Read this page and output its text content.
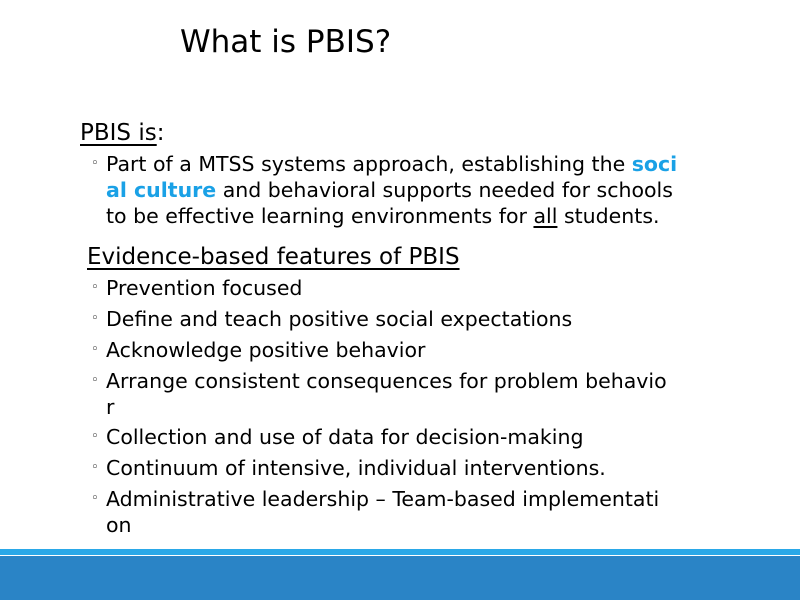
What is PBIS?
PBIS is:
◦ Part of a MTSS systems approach, establishing the soci
al culture and behavioral supports needed for schools
to be effective learning environments for all students.
Evidence-based features of PBIS
◦ Prevention focused
◦ Define and teach positive social expectations
◦ Acknowledge positive behavior
◦ Arrange consistent consequences for problem behavio
r
◦ Collection and use of data for decision-making
◦ Continuum of intensive, individual interventions.
◦ Administrative leadership – Team-based implementati
on
